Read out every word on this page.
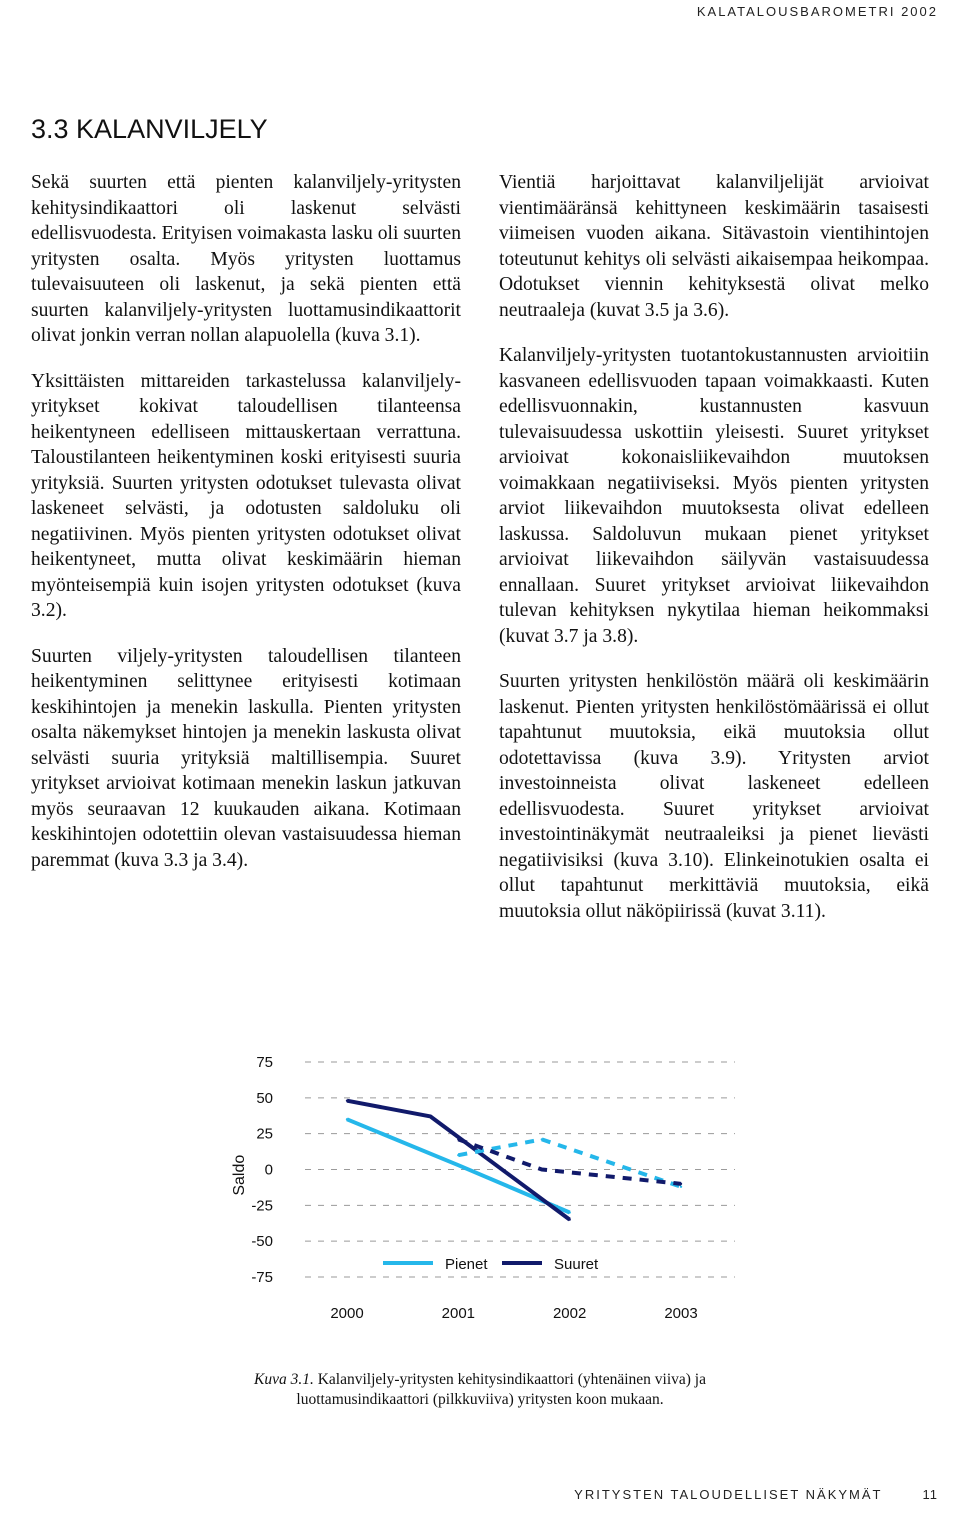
KALATALOUSBAROMETRI 2002
3.3 KALANVILJELY

Sekä suurten että pienten kalanviljely-yritysten kehitysindikaattori oli laskenut selvästi edellisvuodesta. Erityisen voimakasta lasku oli suurten yritysten osalta. Myös yritysten luottamus tulevaisuuteen oli laskenut, ja sekä pienten että suurten kalanviljely-yritysten luottamusindikaattorit olivat jonkin verran nollan alapuolella (kuva 3.1).

Yksittäisten mittareiden tarkastelussa kalanviljely-yritykset kokivat taloudellisen tilanteensa heikentyneen edelliseen mittauskertaan verrattuna. Taloustilanteen heikentyminen koski erityisesti suuria yrityksiä. Suurten yritysten odotukset tulevasta olivat laskeneet selvästi, ja odotusten saldoluku oli negatiivinen. Myös pienten yritysten odotukset olivat heikentyneet, mutta olivat keskimäärin hieman myönteisempiä kuin isojen yritysten odotukset (kuva 3.2).

Suurten viljely-yritysten taloudellisen tilanteen heikentyminen selittynee erityisesti kotimaan keskihintojen ja menekin laskulla. Pienten yritysten osalta näkemykset hintojen ja menekin laskusta olivat selvästi suuria yrityksiä maltillisempia. Suuret yritykset arvioivat kotimaan menekin laskun jatkuvan myös seuraavan 12 kuukauden aikana. Kotimaan keskihintojen odotettiin olevan vastaisuudessa hieman paremmat (kuva 3.3 ja 3.4).

Vientiä harjoittavat kalanviljelijät arvioivat vientimääränsä kehittyneen keskimäärin tasaisesti viimeisen vuoden aikana. Sitävastoin vientihintojen toteutunut kehitys oli selvästi aikaisempaa heikompaa. Odotukset viennin kehityksestä olivat melko neutraaleja (kuvat 3.5 ja 3.6).

Kalanviljely-yritysten tuotantokustannusten arvioitiin kasvaneen edellisvuoden tapaan voimakkaasti. Kuten edellisvuonnakin, kustannusten kasvuun tulevaisuudessa uskottiin yleisesti. Suuret yritykset arvioivat kokonaisliikevaihdon muutoksen voimakkaan negatiiviseksi. Myös pienten yritysten arviot liikevaihdon muutoksesta olivat edelleen laskussa. Saldoluvun mukaan pienet yritykset arvioivat liikevaihdon säilyvän vastaisuudessa ennallaan. Suuret yritykset arvioivat liikevaihdon tulevan kehityksen nykytilaa hieman heikommaksi (kuvat 3.7 ja 3.8).

Suurten yritysten henkilöstön määrä oli keskimäärin laskenut. Pienten yritysten henkilöstömäärissä ei ollut tapahtunut muutoksia, eikä muutoksia ollut odotettavissa (kuva 3.9). Yritysten arviot investoinneista olivat laskeneet edelleen edellisvuodesta. Suuret yritykset arvioivat investointinäkymät neutraaleiksi ja pienet lievästi negatiivisiksi (kuva 3.10). Elinkeinotukien osalta ei ollut tapahtunut merkittäviä muutoksia, eikä muutoksia ollut näköpiirissä (kuvat 3.11).

75
50
25
0
-25
-50
-75
Saldo
2000	2001	2002	2003
Pienet	Suuret
Kuva 3.1. Kalanviljely-yritysten kehitysindikaattori (yhtenäinen viiva) ja luottamusindikaattori (pilkkuviiva) yritysten koon mukaan.
YRITYSTEN TALOUDELLISET NÄKYMÄT	11
